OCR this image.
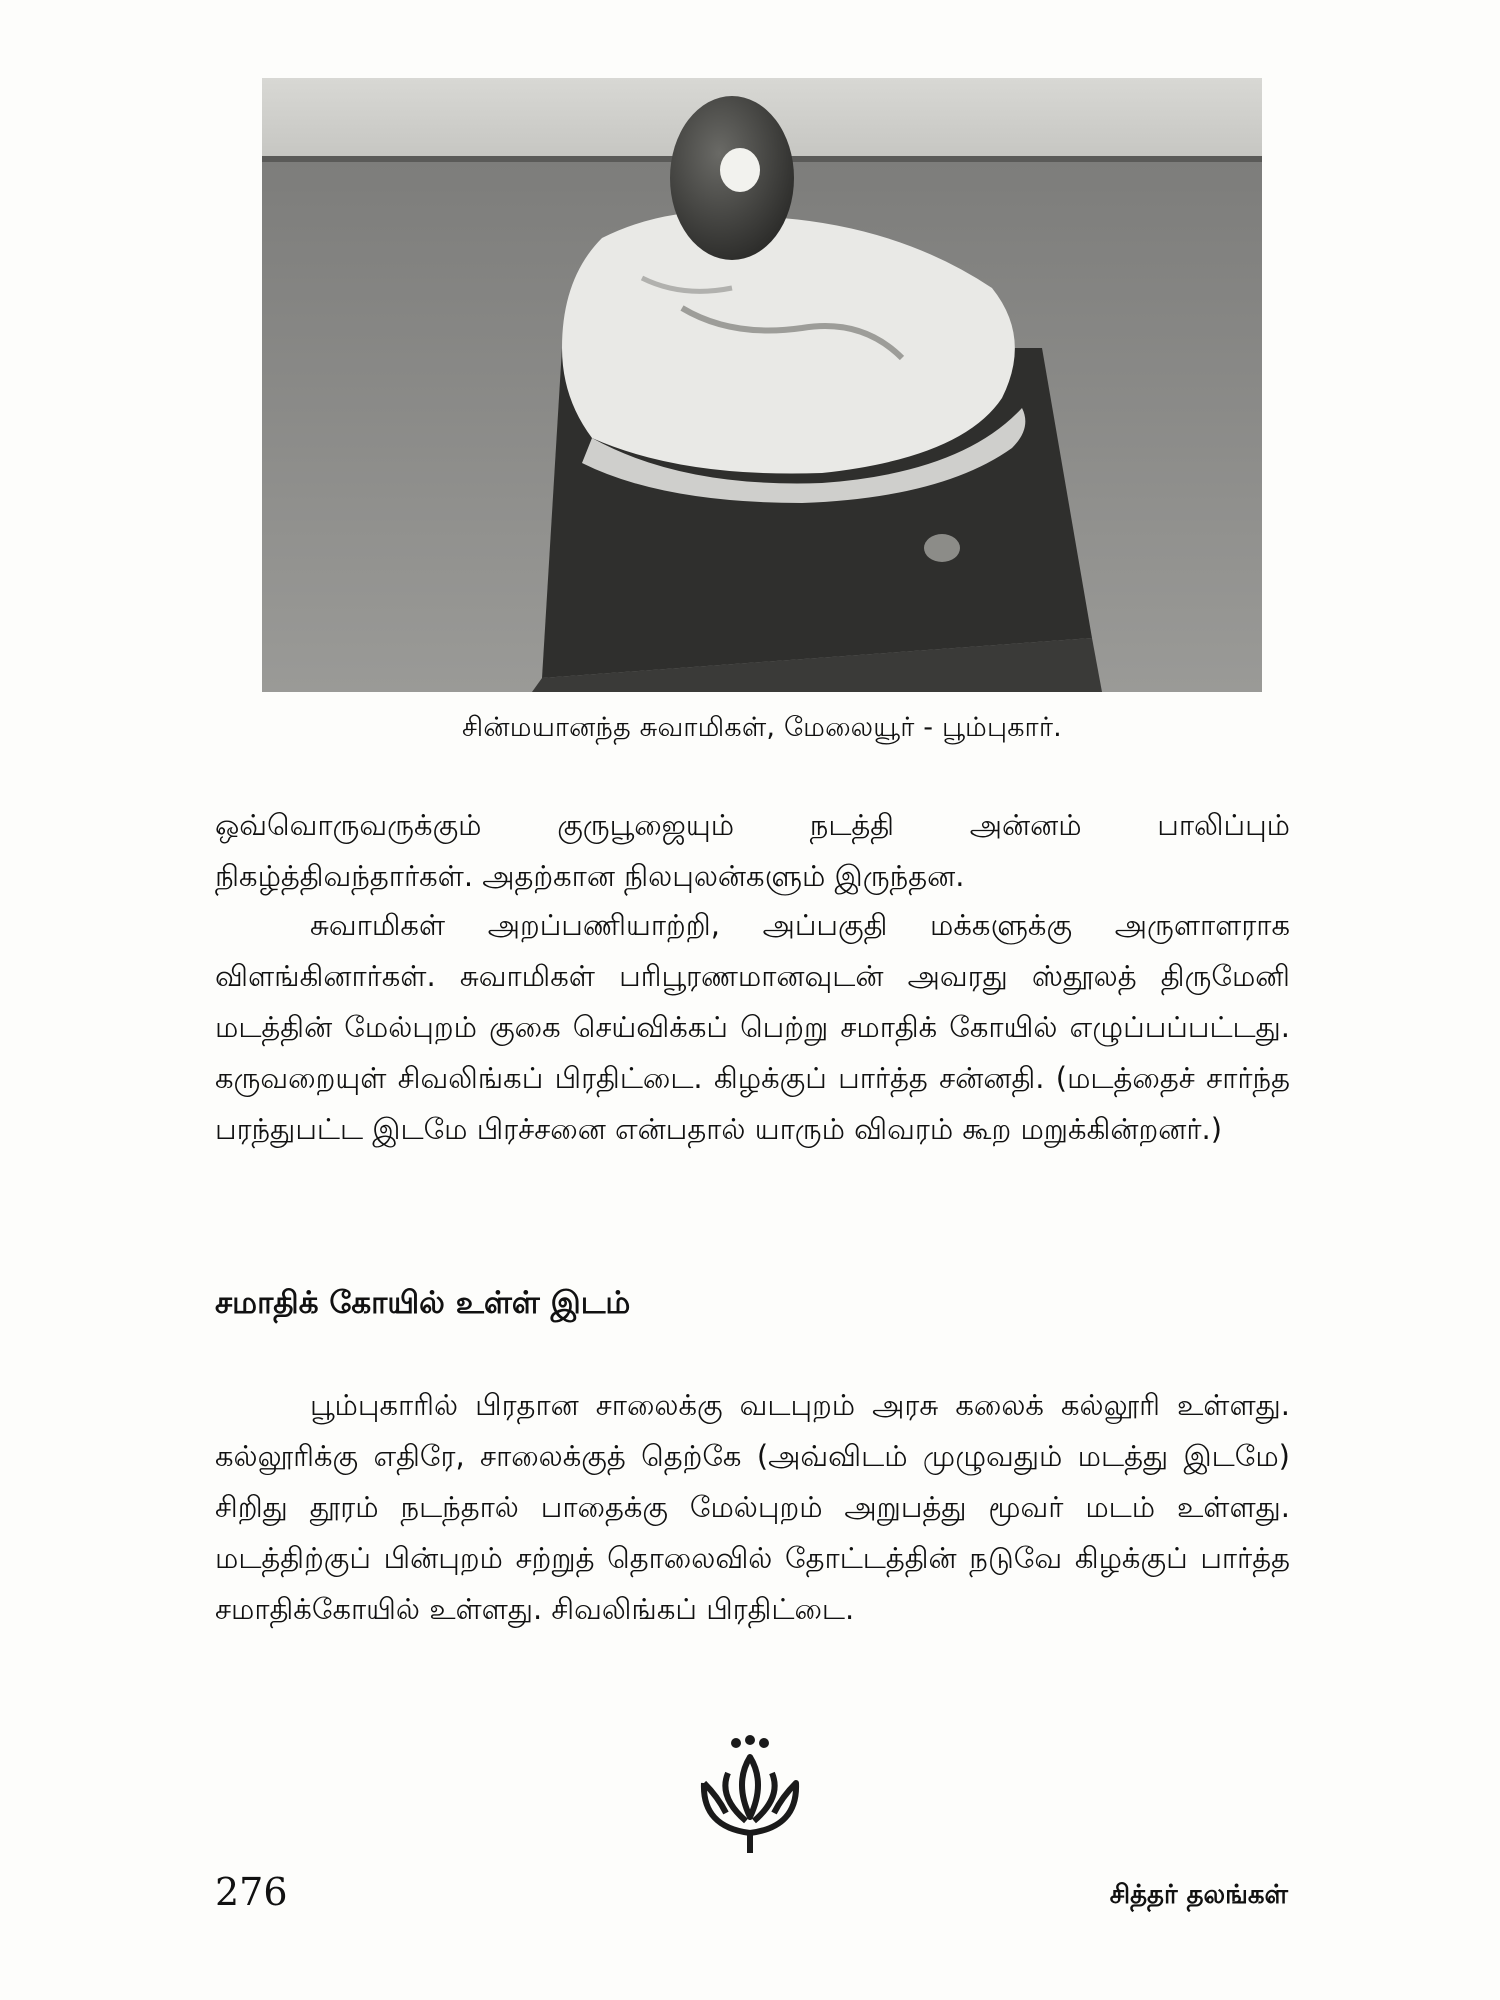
சின்மயானந்த சுவாமிகள், மேலையூர் - பூம்புகார்.

ஒவ்வொருவருக்கும் குருபூஜையும் நடத்தி அன்னம் பாலிப்பும் நிகழ்த்திவந்தார்கள். அதற்கான நிலபுலன்களும் இருந்தன.

சுவாமிகள் அறப்பணியாற்றி, அப்பகுதி மக்களுக்கு அருளாளராக விளங்கினார்கள். சுவாமிகள் பரிபூரணமானவுடன் அவரது ஸ்தூலத் திருமேனி மடத்தின் மேல்புறம் குகை செய்விக்கப் பெற்று சமாதிக் கோயில் எழுப்பப்பட்டது. கருவறையுள் சிவலிங்கப் பிரதிட்டை. கிழக்குப் பார்த்த சன்னதி. (மடத்தைச் சார்ந்த பரந்துபட்ட இடமே பிரச்சனை என்பதால் யாரும் விவரம் கூற மறுக்கின்றனர்.)

சமாதிக் கோயில் உள்ள் இடம்

பூம்புகாரில் பிரதான சாலைக்கு வடபுறம் அரசு கலைக் கல்லூரி உள்ளது. கல்லூரிக்கு எதிரே, சாலைக்குத் தெற்கே (அவ்விடம் முழுவதும் மடத்து இடமே) சிறிது தூரம் நடந்தால் பாதைக்கு மேல்புறம் அறுபத்து மூவர் மடம் உள்ளது. மடத்திற்குப் பின்புறம் சற்றுத் தொலைவில் தோட்டத்தின் நடுவே கிழக்குப் பார்த்த சமாதிக்கோயில் உள்ளது. சிவலிங்கப் பிரதிட்டை.

276	சித்தர் தலங்கள்
